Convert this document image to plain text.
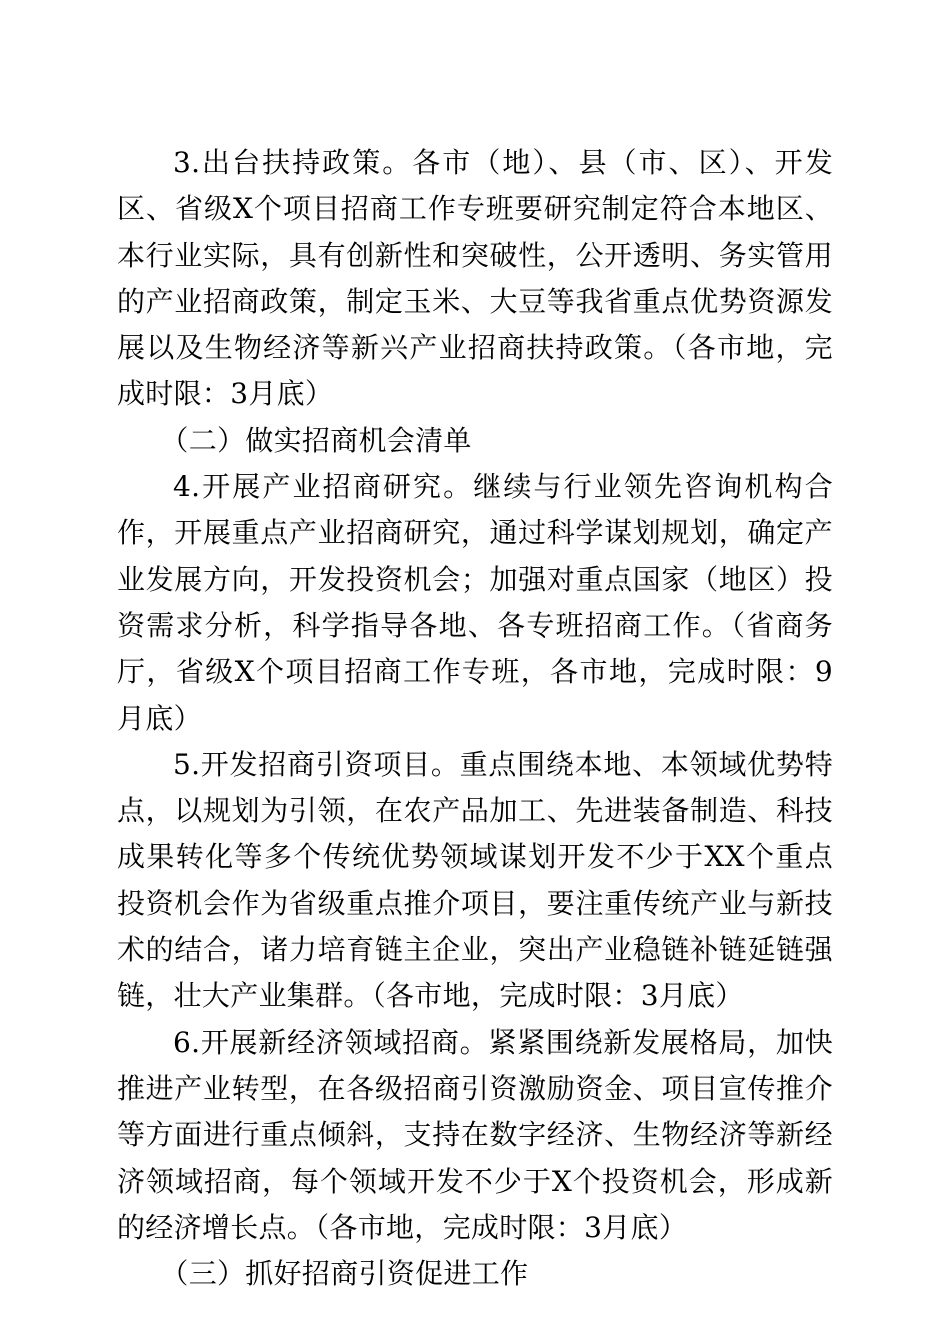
3.出台扶持政策。各市（地）、县（市、区）、开发区、省级X个项目招商工作专班要研究制定符合本地区、本行业实际，具有创新性和突破性，公开透明、务实管用的产业招商政策，制定玉米、大豆等我省重点优势资源发展以及生物经济等新兴产业招商扶持政策。（各市地，完成时限：3月底）

（二）做实招商机会清单

4.开展产业招商研究。继续与行业领先咨询机构合作，开展重点产业招商研究，通过科学谋划规划，确定产业发展方向，开发投资机会；加强对重点国家（地区）投资需求分析，科学指导各地、各专班招商工作。（省商务厅，省级X个项目招商工作专班，各市地，完成时限：9月底）

5.开发招商引资项目。重点围绕本地、本领域优势特点，以规划为引领，在农产品加工、先进装备制造、科技成果转化等多个传统优势领域谋划开发不少于XX个重点投资机会作为省级重点推介项目，要注重传统产业与新技术的结合，诸力培育链主企业，突出产业稳链补链延链强链，壮大产业集群。（各市地，完成时限：3月底）

6.开展新经济领域招商。紧紧围绕新发展格局，加快推进产业转型，在各级招商引资激励资金、项目宣传推介等方面进行重点倾斜，支持在数字经济、生物经济等新经济领域招商，每个领域开发不少于X个投资机会，形成新的经济增长点。（各市地，完成时限：3月底）

（三）抓好招商引资促进工作
